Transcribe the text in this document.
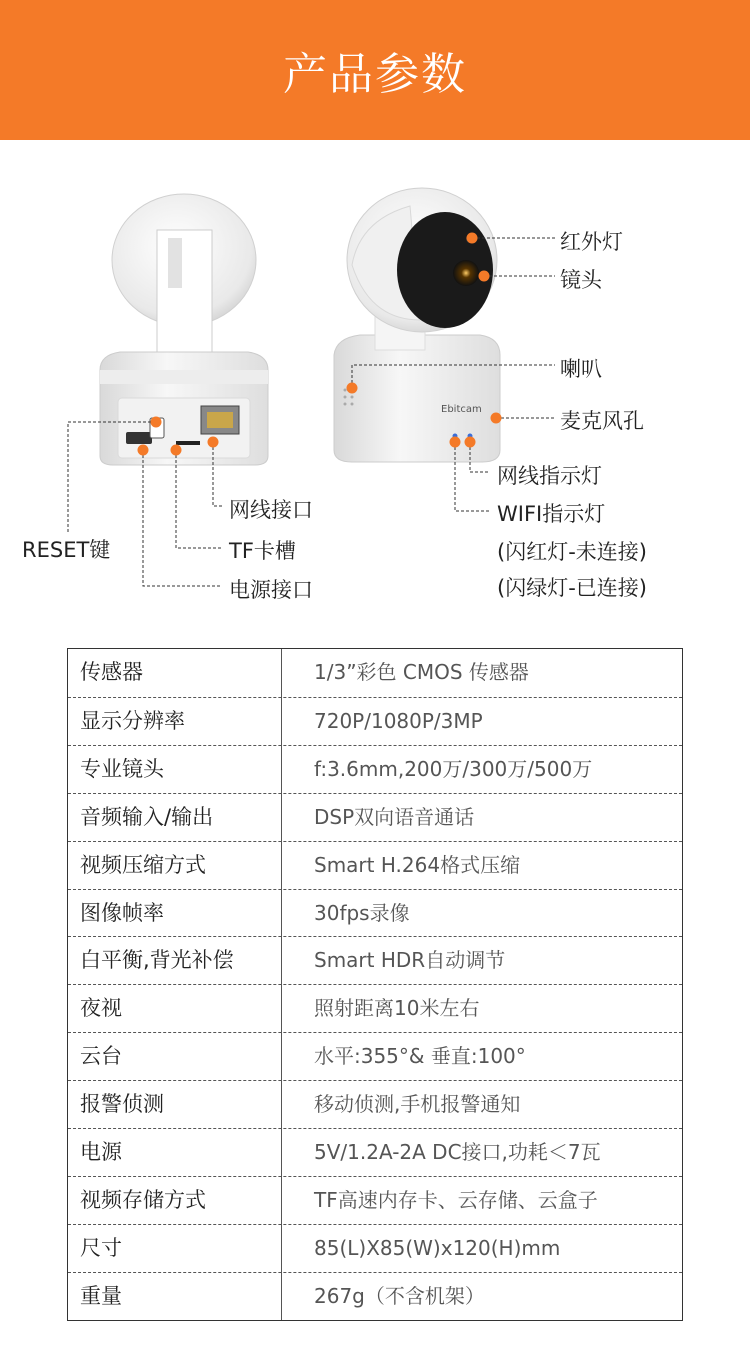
产品参数
Ebitcam
红外灯
镜头
喇叭
麦克风孔
网线指示灯
WIFI指示灯
(闪红灯-未连接)
(闪绿灯-已连接)
网线接口
RESET键	TF卡槽
电源接口
传感器	1/3”彩色 CMOS 传感器
显示分辨率	720P/1080P/3MP
专业镜头	f:3.6mm,200万/300万/500万
音频输入/输出	DSP双向语音通话
视频压缩方式	Smart H.264格式压缩
图像帧率	30fps录像
白平衡,背光补偿	Smart HDR自动调节
夜视	照射距离10米左右
云台	水平:355°& 垂直:100°
报警侦测	移动侦测,手机报警通知
电源	5V/1.2A-2A DC接口,功耗＜7瓦
视频存储方式	TF高速内存卡、云存储、云盒子
尺寸	85(L)X85(W)x120(H)mm
重量	267g（不含机架）
